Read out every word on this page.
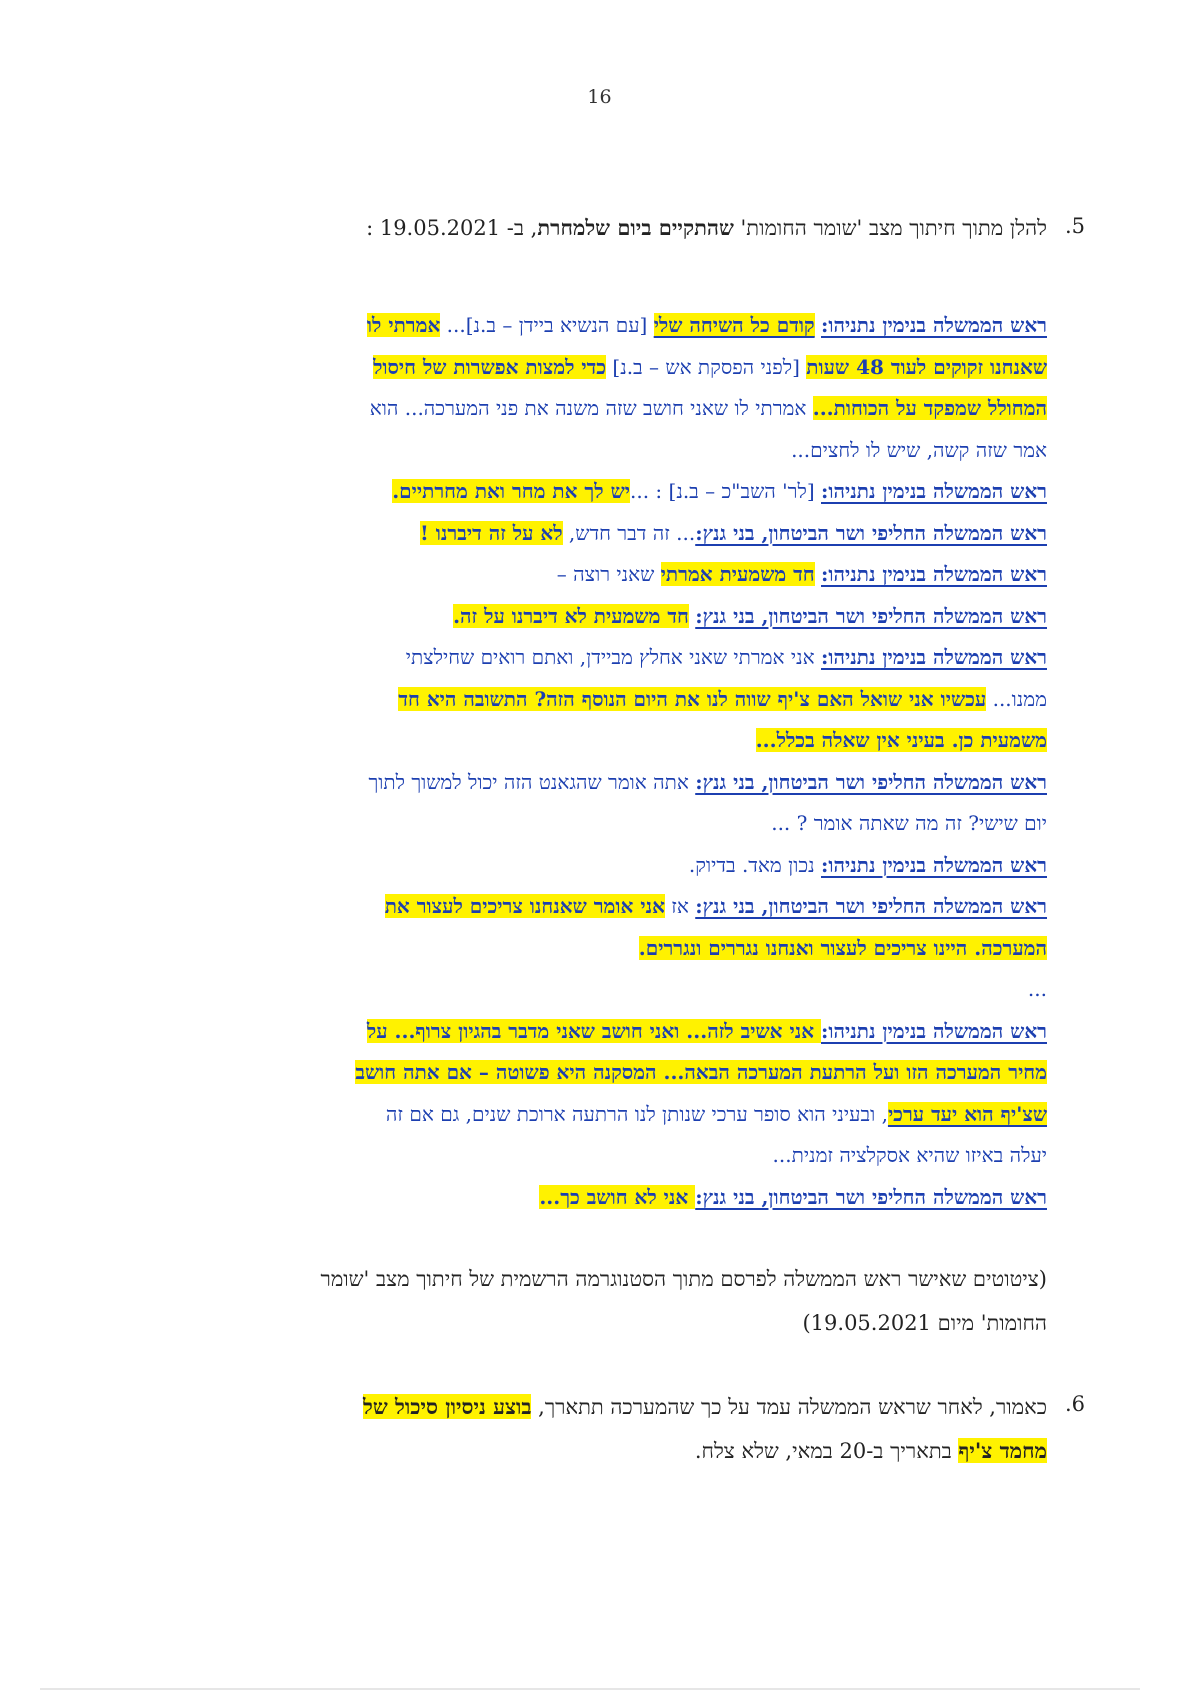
16
5.
להלן מתוך חיתוך מצב 'שומר החומות' שהתקיים ביום שלמחרת, ב- 19.05.2021 :
ראש הממשלה בנימין נתניהו: קודם כל השיחה שלי [עם הנשיא ביידן – ב.נ]... אמרתי לו
שאנחנו זקוקים לעוד 48 שעות [לפני הפסקת אש – ב.נ] כדי למצות אפשרות של חיסול
המחולל שמפקד על הכוחות... אמרתי לו שאני חושב שזה משנה את פני המערכה... הוא
אמר שזה קשה, שיש לו לחצים...
ראש הממשלה בנימין נתניהו: [לר' השב"כ – ב.נ] : ...יש לך את מחר ואת מחרתיים.
ראש הממשלה החליפי ושר הביטחון, בני גנץ:... זה דבר חדש, לא על זה דיברנו !
ראש הממשלה בנימין נתניהו: חד משמעית אמרתי שאני רוצה –
ראש הממשלה החליפי ושר הביטחון, בני גנץ: חד משמעית לא דיברנו על זה.
ראש הממשלה בנימין נתניהו: אני אמרתי שאני אחלץ מביידן, ואתם רואים שחילצתי
ממנו... עכשיו אני שואל האם צ'יף שווה לנו את היום הנוסף הזה? התשובה היא חד
משמעית כן. בעיני אין שאלה בכלל...
ראש הממשלה החליפי ושר הביטחון, בני גנץ: אתה אומר שהגאנט הזה יכול למשוך לתוך
יום שישי? זה מה שאתה אומר ? ...
ראש הממשלה בנימין נתניהו: נכון מאד. בדיוק.
ראש הממשלה החליפי ושר הביטחון, בני גנץ: אז אני אומר שאנחנו צריכים לעצור את
המערכה. היינו צריכים לעצור ואנחנו נגררים ונגררים.
...
ראש הממשלה בנימין נתניהו: אני אשיב לזה... ואני חושב שאני מדבר בהגיון צרוף... על
מחיר המערכה הזו ועל הרתעת המערכה הבאה... המסקנה היא פשוטה – אם אתה חושב
שצ'יף הוא יעד ערכי, ובעיני הוא סופר ערכי שנותן לנו הרתעה ארוכת שנים, גם אם זה
יעלה באיזו שהיא אסקלציה זמנית...
ראש הממשלה החליפי ושר הביטחון, בני גנץ: אני לא חושב כך...
(ציטוטים שאישר ראש הממשלה לפרסם מתוך הסטנוגרמה הרשמית של חיתוך מצב 'שומר
החומות' מיום 19.05.2021)
6.
כאמור, לאחר שראש הממשלה עמד על כך שהמערכה תתארך, בוצע ניסיון סיכול של
מחמד צ'יף בתאריך ב-20 במאי, שלא צלח.
